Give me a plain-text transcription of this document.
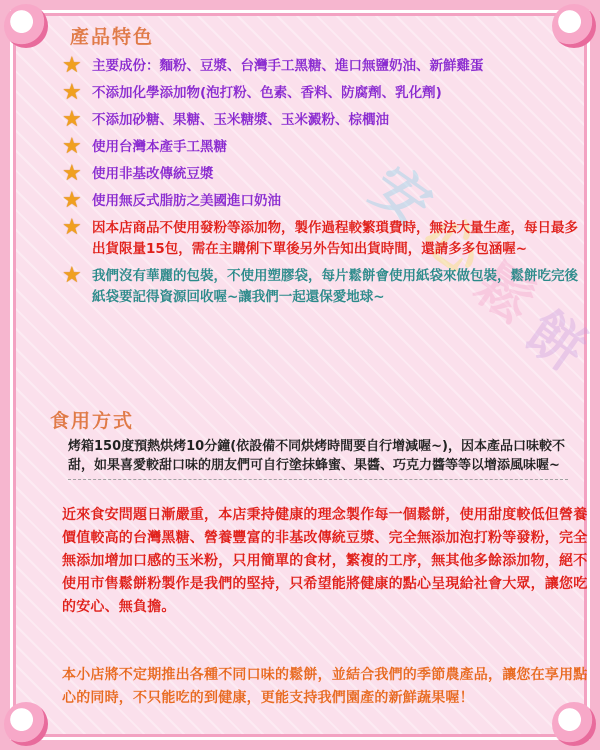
安
心
鬆
餅
產品特色
★ 主要成份：麵粉、豆漿、台灣手工黑糖、進口無鹽奶油、新鮮雞蛋
★ 不添加化學添加物(泡打粉、色素、香料、防腐劑、乳化劑)
★ 不添加砂糖、果糖、玉米糖漿、玉米澱粉、棕櫚油
★ 使用台灣本產手工黑糖
★ 使用非基改傳統豆漿
★ 使用無反式脂肪之美國進口奶油
★ 因本店商品不使用發粉等添加物，製作過程較繁瑣費時，無法大量生產，每日最多出貨限量15包，需在主購俐下單後另外告知出貨時間，還請多多包涵喔~
★ 我們沒有華麗的包裝，不使用塑膠袋，每片鬆餅會使用紙袋來做包裝，鬆餅吃完後紙袋要記得資源回收喔~讓我們一起還保愛地球~
食用方式
烤箱150度預熱烘烤10分鐘(依設備不同烘烤時間要自行增減喔~)，因本產品口味較不甜，如果喜愛較甜口味的朋友們可自行塗抹蜂蜜、果醬、巧克力醬等等以增添風味喔~
近來食安問題日漸嚴重，本店秉持健康的理念製作每一個鬆餅，使用甜度較低但營養價值較高的台灣黑糖、營養豐富的非基改傳統豆漿、完全無添加泡打粉等發粉，完全無添加增加口感的玉米粉，只用簡單的食材，繁複的工序，無其他多餘添加物，絕不使用市售鬆餅粉製作是我們的堅持，只希望能將健康的點心呈現給社會大眾，讓您吃的安心、無負擔。
本小店將不定期推出各種不同口味的鬆餅，並結合我們的季節農產品，讓您在享用點心的同時，不只能吃的到健康，更能支持我們園產的新鮮蔬果喔！
